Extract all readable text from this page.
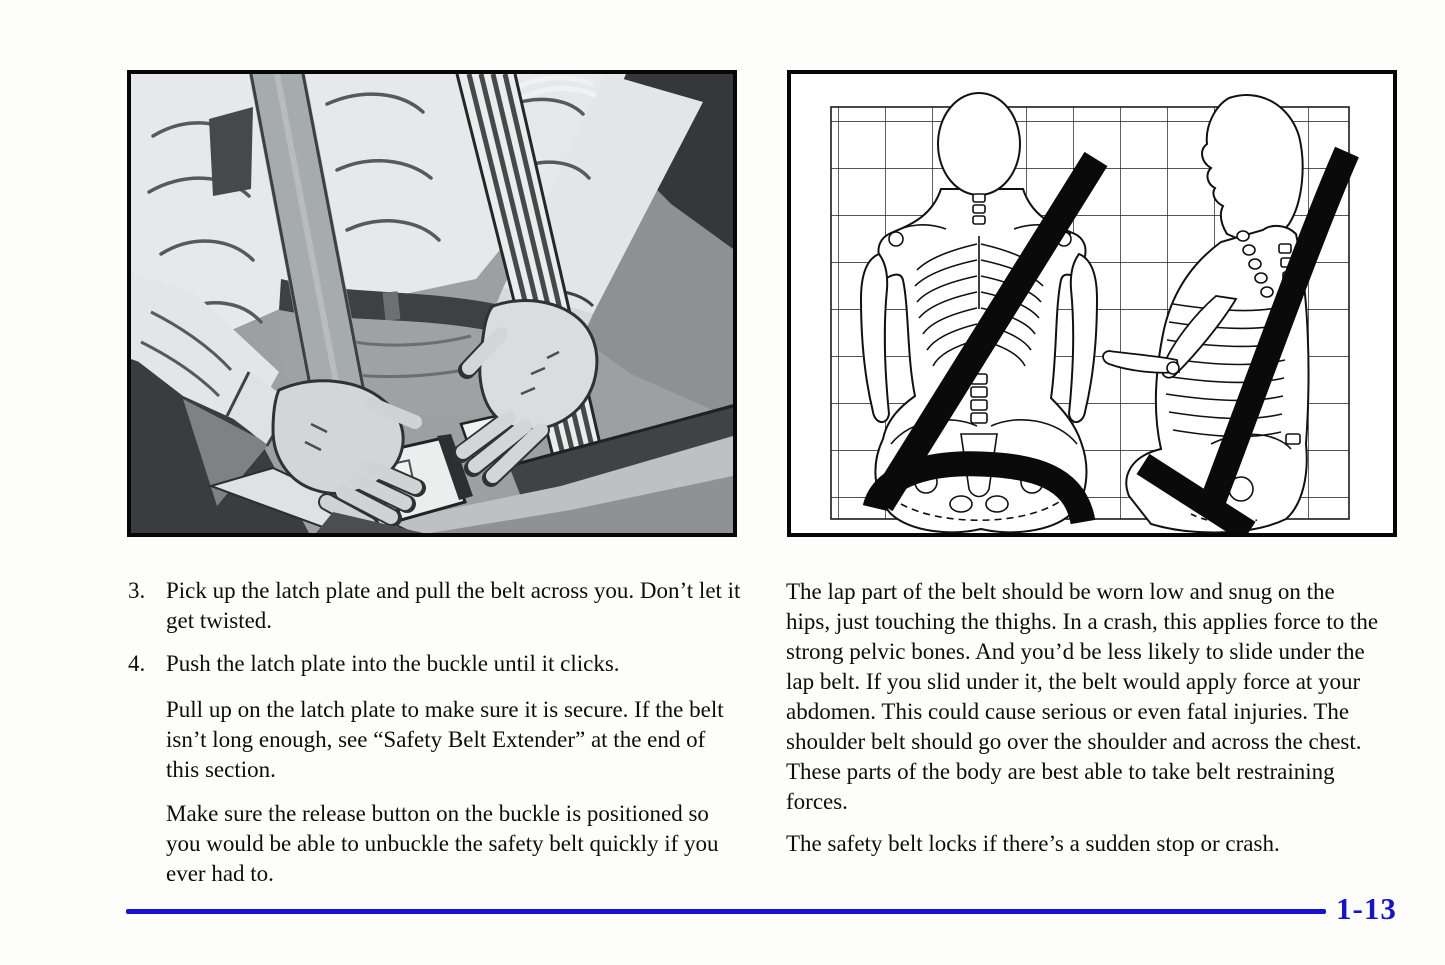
3. Pick up the latch plate and pull the belt across you. Don’t let it get twisted.

4. Push the latch plate into the buckle until it clicks.

Pull up on the latch plate to make sure it is secure. If the belt isn’t long enough, see “Safety Belt Extender” at the end of this section.

Make sure the release button on the buckle is positioned so you would be able to unbuckle the safety belt quickly if you ever had to.

The lap part of the belt should be worn low and snug on the hips, just touching the thighs. In a crash, this applies force to the strong pelvic bones. And you’d be less likely to slide under the lap belt. If you slid under it, the belt would apply force at your abdomen. This could cause serious or even fatal injuries. The shoulder belt should go over the shoulder and across the chest. These parts of the body are best able to take belt restraining forces.

The safety belt locks if there’s a sudden stop or crash.

1-13
